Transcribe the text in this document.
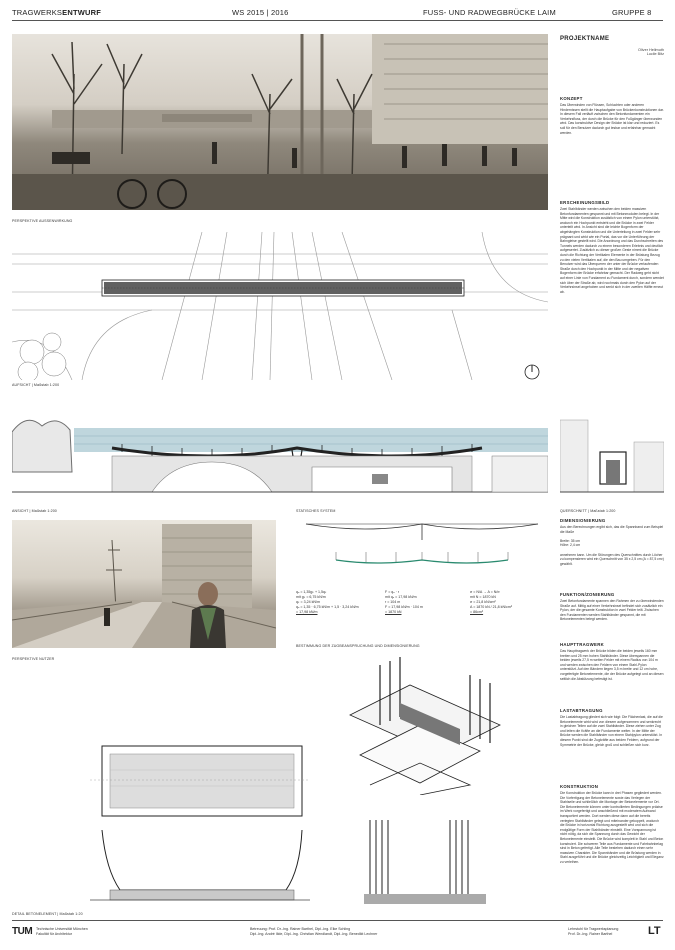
TRAGWERKSENTWURF	WS 2015 | 2016	FUSS- UND RADWEGBRÜCKE LAIM	GRUPPE 8
PERSPEKTIVE AUSSENWIRKUNG
AUFSICHT | Maßstab 1:200
ANSICHT | Maßstab 1:200	QUERSCHNITT | Maßstab 1:200
STATISCHES SYSTEM
qₐ = 1,35gₖ + 1,5qₖ
mit gₖ = 6,75 kN/m
qₖ = 3,24 kN/m
qₐ = 1,35 · 6,75 kN/m + 1,5 · 3,24 kN/m
= 17,98 kN/m
F = qₐ · r
mit qₐ = 17,98 kN/m
r = 104 m
F = 17,98 kN/m · 104 m
= 1870 kN
σ = N/A → A = N/σ
mit N = 1870 kN
σ = 21,8 kN/cm²
A = 1870 kN / 21,8 kN/cm²
= 86cm²
BESTIMMUNG DER ZUGBEANSPRUCHUNG UND DIMENSIONIERUNG
PERSPEKTIVE NUTZER
DETAIL BETONELEMENT | Maßstab 1:20
PROJEKTNAME
Oliver Hellmuth
Lucile Bitz
KONZEPT

Das Überwinden von Flüssen, Schluchten oder anderen Hindernissen stellt die Hauptaufgabe von Brückenkonstruktionen dar. In diesem Fall verläuft zwischen den Betonfundamenten ein Verkehrsfluss, der durch die Brücke für den Fußgänger überwunden wird. Das konstruktive Design der Brücke ist klar und reduziert. Es soll für den Benutzer dadurch gut lesbar und erfahrbar gemacht werden.

ERSCHEINUNGSBILD

Zwei Stahlbänder werden zwischen den beiden massiven Betonfundamenten gespannt und mit Betonmodulen belegt. In der Mitte wird die Konstruktion zusätzlich von einem Pylon unterstützt, wodurch ein Hochpunkt entsteht und die Brücke in zwei Felder unterteilt wird. In Ansicht sind die leichte Bogenform der abgehängten Konstruktion und die Unterteilung in zwei Felder sehr prägnant und wirkt wie ein Portal, das vor die Unterführung der Bahngleise gestellt wird. Die Anordnung und das Durchschreiten des Tunnels werden dadurch zu einem besonderen Erlebnis und deutlich aufgewertet. Zusätzlich zu dieser großen Geste nimmt die Brücke durch die Richtung der Vertikalen Elemente in der Brüstung Bezug zu den vielen Vertikalen auf, die den Bau umgeben. Für den Benutzer wird das Überqueren der unter der Brücke verlaufenden Straße durch den Hochpunkt in der Mitte und der negativen Bogenform der Brücke erfahrbar gemacht. Der Radweg geht nicht auf einer Linie von Fundament zu Fundament durch, sondern wendet sich über der Straße ab, wird nochmals durch den Pylon auf der Verkehrsinsel angehoben und senkt sich in der zweiten Hälfte erneut ab.

DIMENSIONIERUNG

Aus den Berechnungen ergibt sich, das die Spannband zum Beispiel die Maße

Breite: 35 cm
Höhe: 2,4 cm

annehmen kann. Um die Störungen des Querschnittes durch Löcher zu kompensieren wird ein Querschnitt von 35 x 2,5 cm (A = 87,5 cm²) gewählt.

FUNKTION/ZONIERUNG

Zwei Betonfundamente spannen den Rahmen der zu überwindenden Straße auf. Mittig auf einer Verkehrsinsel befindet sich zusätzlich ein Pylon, der die gesamte Konstruktion in zwei Felder teilt. Zwischen den Fundamenten werden Stahlbänder gespannt, die mit Betonelementen belegt werden.

HAUPTTRAGWERK

Das Haupttragwerk der Brücke bilden die beiden jeweils 160 mm breiten und 25 mm hohen Stahlbänder. Diese überspannen die beiden jeweils 27,5 m weiten Felder mit einem Radius von 104 m und werden zwischen den Feldern von einem Stahl-Pylon unterstützt. Auf den Bändern liegen 3,5 m breite und 12 cm hohe, vorgefertigte Betonelemente, die der Brücke aufgelegt und an diesen seitlich die Abstützung befestigt ist.

LASTABTRAGUNG

Die Lastabtragung gliedert sich wie folgt: Die Flächenlast, die auf die Betonelemente wirkt wird von diesem aufgenommen und senkrecht in gleichen Teilen auf die zwei Stahlbänder. Diese ziehen unter Zug und leiten die Kräfte an die Fundamente weiter. In der Mitte der Brücke werden die Stahlbänder von einem Stahlpylon unterstützt. In diesem Punkt sind die Zugkräfte aus beiden Feldern, aufgrund der Symmetrie der Brücke, gleich groß und schließen sich kurz.

KONSTRUKTION

Die Konstruktion der Brücke kann in drei Phasen gegliedert werden. Die Vorfertigung der Betonelemente sowie das Verlegen der Stahlseile und schließlich die Montage der Betonelemente vor Ort. Die Betonelemente können unter kontrollierten Bedingungen präzise im Werk vorgefertigt und anschließend mit moderatem Aufwand transportiert werden. Dort werden diese dann auf die bereits verlegten Stahlbänder gelegt und miteinander gekoppelt, wodurch die Brücke in horizontal Richtung ausgesteift wird und sich die endgültige Form der Stahlbänder einstellt. Eine Vorspannung ist nicht nötig, da sich die Spannung durch das Gewicht der Betonelemente einstellt. Die Brücke wird komplett in Stahl und Beton konstruiert. Die schweren Teile aus Fundamente und Fahrbahnbelag sind in Beton gefertigt. Alle Teile bestehen dadurch einen sehr massiven Charakter. Die Spannbänder und die Brüstung werden in Stahl ausgeführt und die Brücke gleichzeitig Leichtigkeit und Eleganz zu verleihen.

TUM Technische Universität München
Fakultät für Architektur
Betreuung: Prof. Dr.-Ing. Rainer Barthel, Dipl.-Ing. Elke Schling
Dipl.-Ing. André Ilide, Dipl.-Ing. Christian Wendlandt, Dipl.-Ing. Benedikt Lechner
Lehrstuhl für Tragwerksplanung
Prof. Dr.-Ing. Rainer Barthel	LT
